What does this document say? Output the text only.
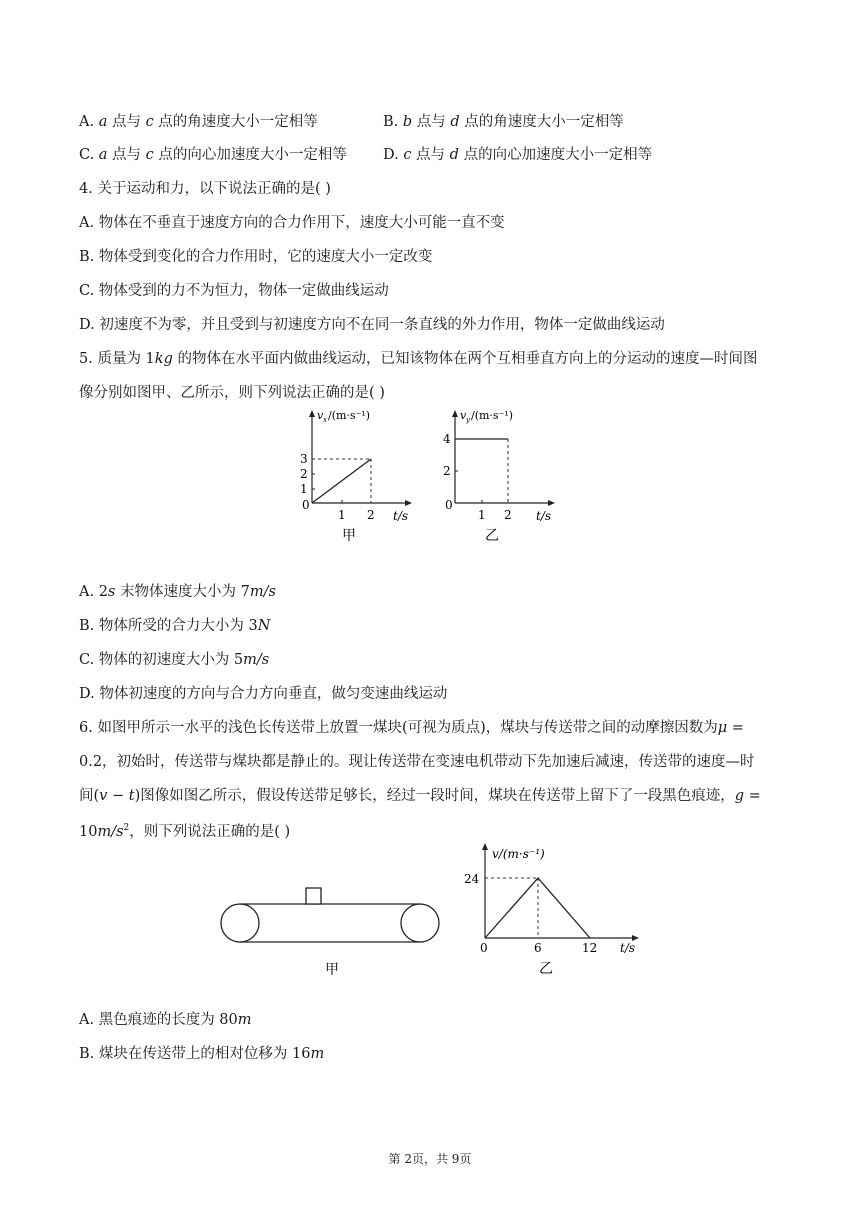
A. a 点与 c 点的角速度大小一定相等	B. b 点与 d 点的角速度大小一定相等
C. a 点与 c 点的向心加速度大小一定相等 D. c 点与 d 点的向心加速度大小一定相等
4. 关于运动和力，以下说法正确的是( )
A. 物体在不垂直于速度方向的合力作用下，速度大小可能一直不变
B. 物体受到变化的合力作用时，它的速度大小一定改变
C. 物体受到的力不为恒力，物体一定做曲线运动
D. 初速度不为零，并且受到与初速度方向不在同一条直线的外力作用，物体一定做曲线运动
5. 质量为 1kg 的物体在水平面内做曲线运动，已知该物体在两个互相垂直方向上的分运动的速度—时间图
像分别如图甲、乙所示，则下列说法正确的是( )
v x /(m·s⁻¹)
3
2
1
0
1 2 t/s
甲
v y /(m·s⁻¹)
4
2
0
1 2 t/s
乙
A. 2s 末物体速度大小为 7m/s
B. 物体所受的合力大小为 3N
C. 物体的初速度大小为 5m/s
D. 物体初速度的方向与合力方向垂直，做匀变速曲线运动
6. 如图甲所示一水平的浅色长传送带上放置一煤块(可视为质点)，煤块与传送带之间的动摩擦因数为μ =
0.2，初始时，传送带与煤块都是静止的。现让传送带在变速电机带动下先加速后减速，传送带的速度—时
间(v − t)图像如图乙所示，假设传送带足够长，经过一段时间，煤块在传送带上留下了一段黑色痕迹，g =
$10m/s^2$，则下列说法正确的是( )
甲
v/(m·s⁻¹)
24
0	6	12 t/s
乙
A. 黑色痕迹的长度为 80m
B. 煤块在传送带上的相对位移为 16m
第 2页，共 9页
